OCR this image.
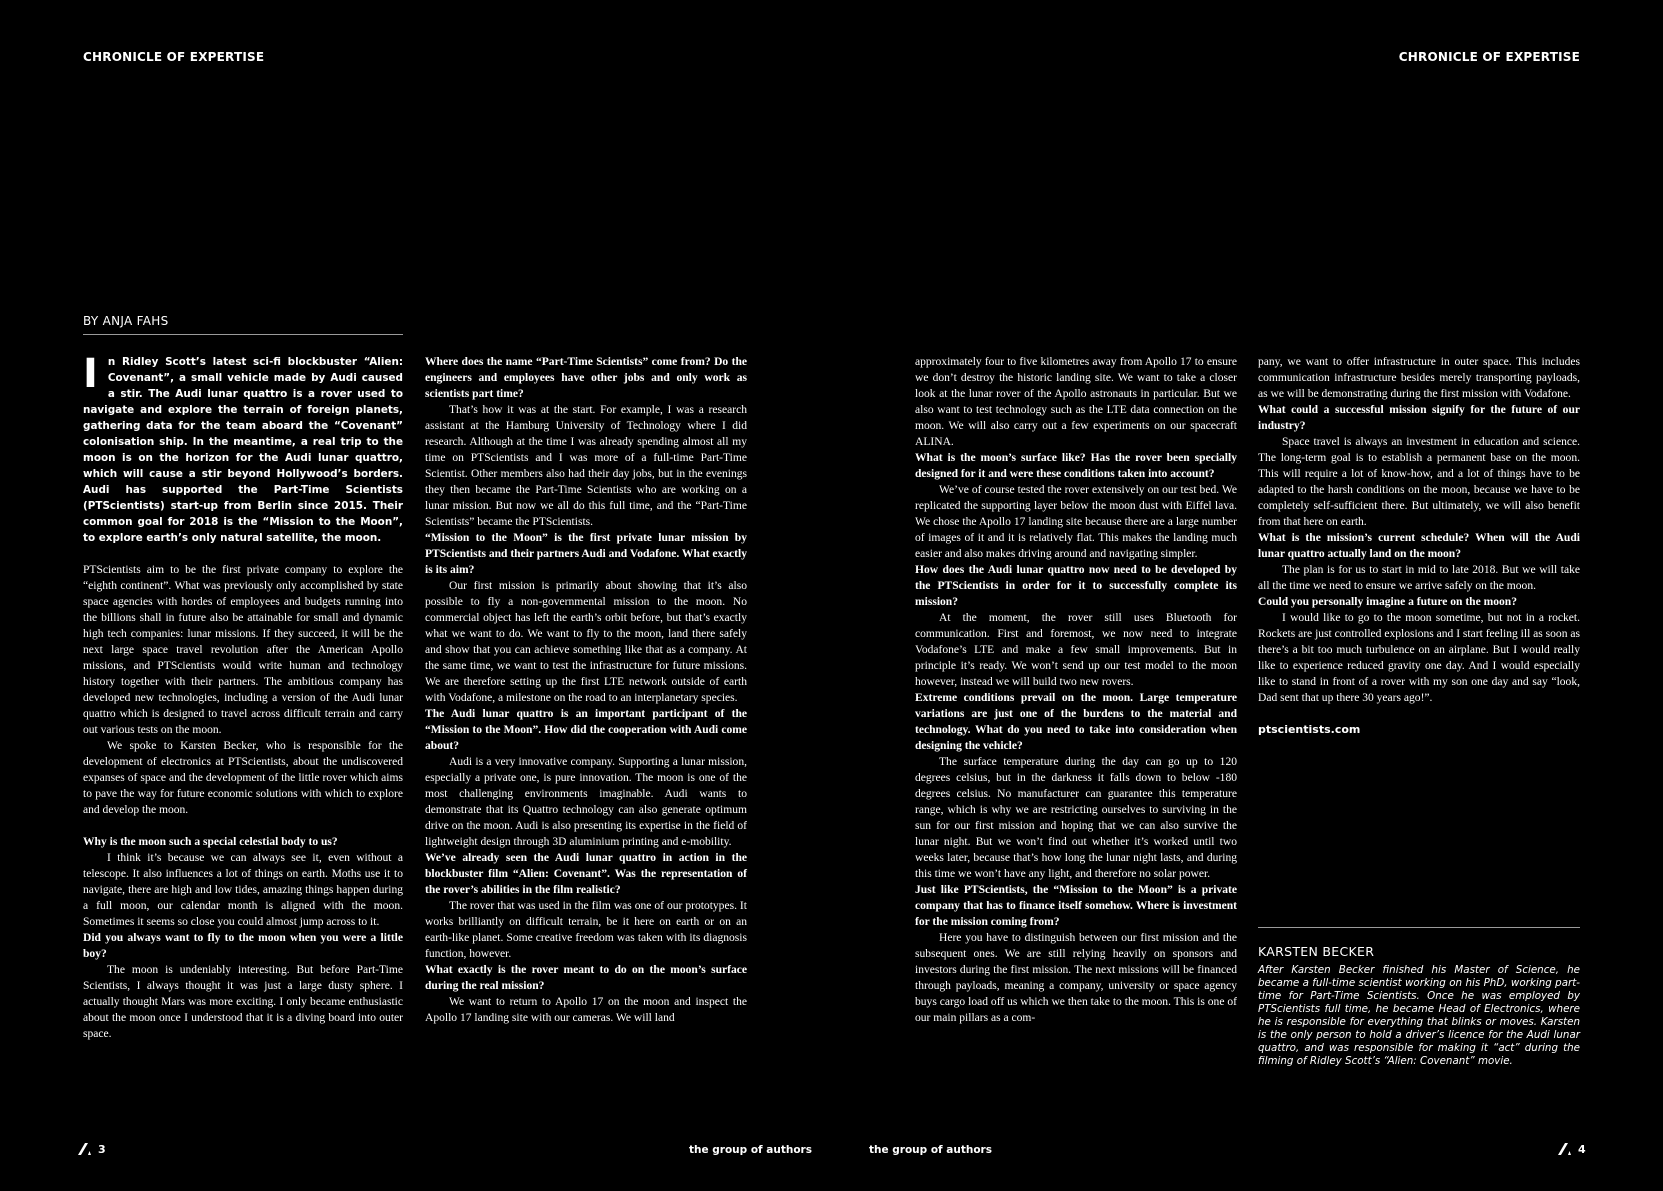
CHRONICLE OF EXPERTISE	CHRONICLE OF EXPERTISE
BY ANJA FAHS
In Ridley Scott’s latest sci-fi blockbuster “Alien: Covenant”, a small vehicle made by Audi caused a stir. The Audi lunar quattro is a rover used to navigate and explore the terrain of foreign planets, gathering data for the team aboard the “Covenant” colonisation ship. In the meantime, a real trip to the moon is on the horizon for the Audi lunar quattro, which will cause a stir beyond Hollywood’s borders. Audi has supported the Part-Time Scientists (PTScientists) start-up from Berlin since 2015. Their common goal for 2018 is the “Mission to the Moon”, to explore earth’s only natural satellite, the moon.

PTScientists aim to be the first private company to explore the “eighth continent”. What was previously only accomplished by state space agencies with hordes of employees and budgets running into the billions shall in future also be attainable for small and dynamic high tech companies: lunar missions. If they succeed, it will be the next large space travel revolution after the American Apollo missions, and PTScientists would write human and technology history together with their partners. The ambitious company has developed new technologies, including a version of the Audi lunar quattro which is designed to travel across difficult terrain and carry out various tests on the moon.

We spoke to Karsten Becker, who is responsible for the development of electronics at PTScientists, about the undiscovered expanses of space and the development of the little rover which aims to pave the way for future economic solutions with which to explore and develop the moon.

Why is the moon such a special celestial body to us?

I think it’s because we can always see it, even without a telescope. It also influences a lot of things on earth. Moths use it to navigate, there are high and low tides, amazing things happen during a full moon, our calendar month is aligned with the moon. Sometimes it seems so close you could almost jump across to it.

Did you always want to fly to the moon when you were a little boy?

The moon is undeniably interesting. But before Part-Time Scientists, I always thought it was just a large dusty sphere. I actually thought Mars was more exciting. I only became enthusiastic about the moon once I understood that it is a diving board into outer space.

Where does the name “Part-Time Scientists” come from? Do the engineers and employees have other jobs and only work as scientists part time?

That’s how it was at the start. For example, I was a research assistant at the Hamburg University of Technology where I did research. Although at the time I was already spending almost all my time on PTScientists and I was more of a full-time Part-Time Scientist. Other members also had their day jobs, but in the evenings they then became the Part-Time Scientists who are working on a lunar mission. But now we all do this full time, and the “Part-Time Scientists” became the PTScientists.

“Mission to the Moon” is the first private lunar mission by PTScientists and their partners Audi and Vodafone. What exactly is its aim?

Our first mission is primarily about showing that it’s also possible to fly a non-governmental mission to the moon. No commercial object has left the earth’s orbit before, but that’s exactly what we want to do. We want to fly to the moon, land there safely and show that you can achieve something like that as a company. At the same time, we want to test the infrastructure for future missions. We are therefore setting up the first LTE network outside of earth with Vodafone, a milestone on the road to an interplanetary species.

The Audi lunar quattro is an important participant of the “Mission to the Moon”. How did the cooperation with Audi come about?

Audi is a very innovative company. Supporting a lunar mission, especially a private one, is pure innovation. The moon is one of the most challenging environments imaginable. Audi wants to demonstrate that its Quattro technology can also generate optimum drive on the moon. Audi is also presenting its expertise in the field of lightweight design through 3D aluminium printing and e-mobility.

We’ve already seen the Audi lunar quattro in action in the blockbuster film “Alien: Covenant”. Was the representation of the rover’s abilities in the film realistic?

The rover that was used in the film was one of our prototypes. It works brilliantly on difficult terrain, be it here on earth or on an earth-like planet. Some creative freedom was taken with its diagnosis function, however.

What exactly is the rover meant to do on the moon’s surface during the real mission?

We want to return to Apollo 17 on the moon and inspect the Apollo 17 landing site with our cameras. We will land

approximately four to five kilometres away from Apollo 17 to ensure we don’t destroy the historic landing site. We want to take a closer look at the lunar rover of the Apollo astronauts in particular. But we also want to test technology such as the LTE data connection on the moon. We will also carry out a few experiments on our spacecraft ALINA.

What is the moon’s surface like? Has the rover been specially designed for it and were these conditions taken into account?

We’ve of course tested the rover extensively on our test bed. We replicated the supporting layer below the moon dust with Eiffel lava. We chose the Apollo 17 landing site because there are a large number of images of it and it is relatively flat. This makes the landing much easier and also makes driving around and navigating simpler.

How does the Audi lunar quattro now need to be developed by the PTScientists in order for it to successfully complete its mission?

At the moment, the rover still uses Bluetooth for communication. First and foremost, we now need to integrate Vodafone’s LTE and make a few small improvements. But in principle it’s ready. We won’t send up our test model to the moon however, instead we will build two new rovers.

Extreme conditions prevail on the moon. Large temperature variations are just one of the burdens to the material and technology. What do you need to take into consideration when designing the vehicle?

The surface temperature during the day can go up to 120 degrees celsius, but in the darkness it falls down to below -180 degrees celsius. No manufacturer can guarantee this temperature range, which is why we are restricting ourselves to surviving in the sun for our first mission and hoping that we can also survive the lunar night. But we won’t find out whether it’s worked until two weeks later, because that’s how long the lunar night lasts, and during this time we won’t have any light, and therefore no solar power.

Just like PTScientists, the “Mission to the Moon” is a private company that has to finance itself somehow. Where is investment for the mission coming from?

Here you have to distinguish between our first mission and the subsequent ones. We are still relying heavily on sponsors and investors during the first mission. The next missions will be financed through payloads, meaning a company, university or space agency buys cargo load off us which we then take to the moon. This is one of our main pillars as a com-

pany, we want to offer infrastructure in outer space. This includes communication infrastructure besides merely transporting payloads, as we will be demonstrating during the first mission with Vodafone.

What could a successful mission signify for the future of our industry?

Space travel is always an investment in education and science. The long-term goal is to establish a permanent base on the moon. This will require a lot of know-how, and a lot of things have to be adapted to the harsh conditions on the moon, because we have to be completely self-sufficient there. But ultimately, we will also benefit from that here on earth.

What is the mission’s current schedule? When will the Audi lunar quattro actually land on the moon?

The plan is for us to start in mid to late 2018. But we will take all the time we need to ensure we arrive safely on the moon.

Could you personally imagine a future on the moon?

I would like to go to the moon sometime, but not in a rocket. Rockets are just controlled explosions and I start feeling ill as soon as there’s a bit too much turbulence on an airplane. But I would really like to experience reduced gravity one day. And I would especially like to stand in front of a rover with my son one day and say “look, Dad sent that up there 30 years ago!”.

ptscientists.com
KARSTEN BECKER
After Karsten Becker finished his Master of Science, he became a full-time scientist working on his PhD, working part-time for Part-Time Scientists. Once he was employed by PTScientists full time, he became Head of Electronics, where he is responsible for everything that blinks or moves. Karsten is the only person to hold a driver’s licence for the Audi lunar quattro, and was responsible for making it “act” during the filming of Ridley Scott’s “Alien: Covenant” movie.
3	the group of authors	the group of authors	4
